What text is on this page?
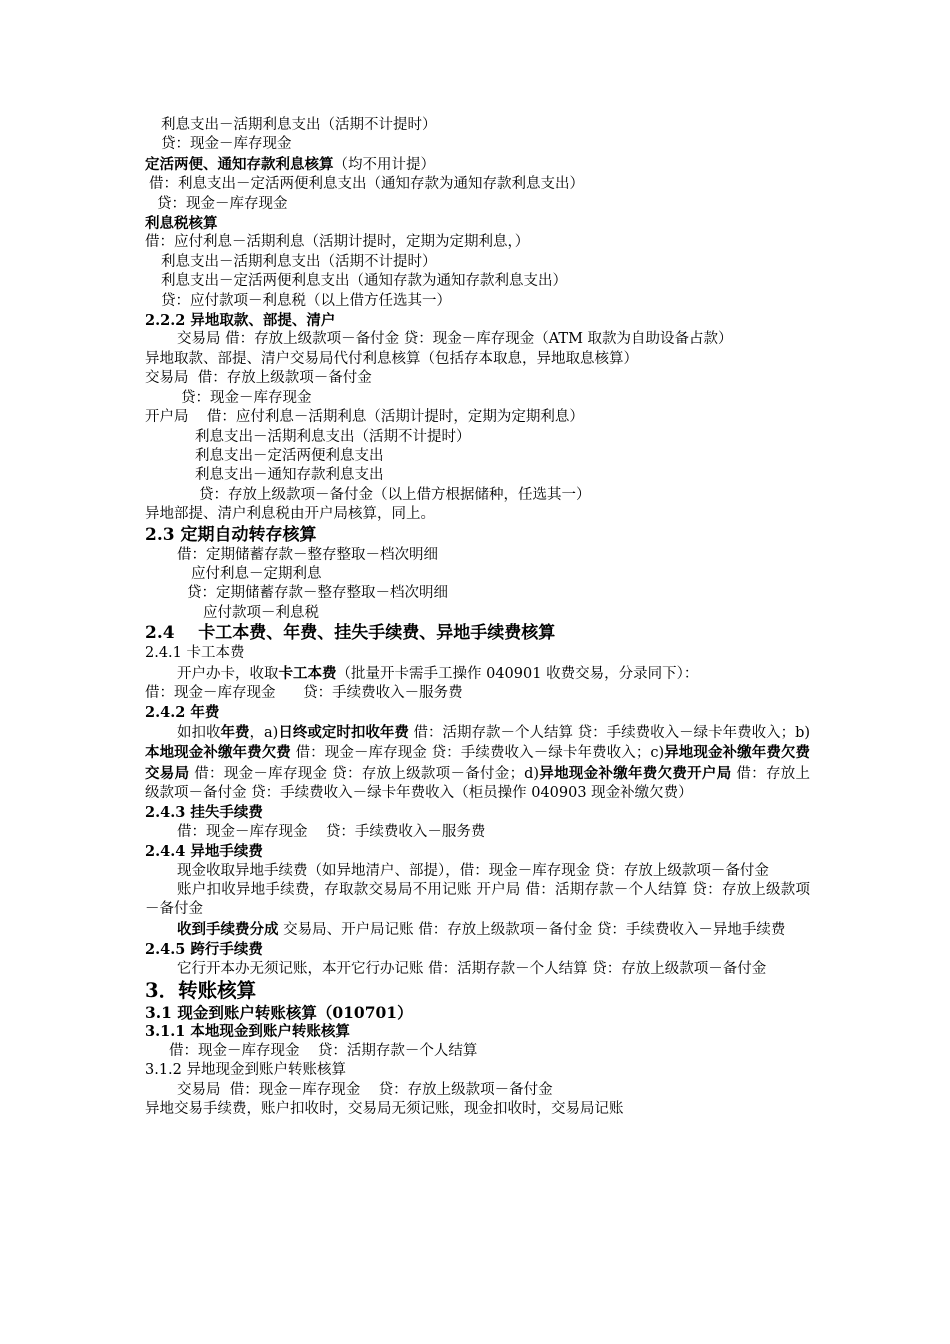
利息支出－活期利息支出（活期不计提时）
贷：现金－库存现金
定活两便、通知存款利息核算（均不用计提）
借：利息支出－定活两便利息支出（通知存款为通知存款利息支出）
贷：现金－库存现金
利息税核算
借：应付利息－活期利息（活期计提时，定期为定期利息，）
利息支出－活期利息支出（活期不计提时）
利息支出－定活两便利息支出（通知存款为通知存款利息支出）
贷：应付款项－利息税（以上借方任选其一）
2.2.2 异地取款、部提、清户
交易局 借：存放上级款项－备付金 贷：现金－库存现金（ATM 取款为自助设备占款）
异地取款、部提、清户交易局代付利息核算（包括存本取息，异地取息核算）
交易局  借：存放上级款项－备付金
贷：现金－库存现金
开户局    借：应付利息－活期利息（活期计提时，定期为定期利息）
利息支出－活期利息支出（活期不计提时）
利息支出－定活两便利息支出
利息支出－通知存款利息支出
贷：存放上级款项－备付金（以上借方根据储种，任选其一）
异地部提、清户利息税由开户局核算，同上。
2.3 定期自动转存核算
借：定期储蓄存款－整存整取－档次明细
应付利息－定期利息
贷：定期储蓄存款－整存整取－档次明细
应付款项－利息税
2.4    卡工本费、年费、挂失手续费、异地手续费核算
2.4.1 卡工本费
开户办卡，收取卡工本费（批量开卡需手工操作 040901 收费交易，分录同下）：
借：现金－库存现金      贷：手续费收入－服务费
2.4.2 年费
如扣收年费，a)日终或定时扣收年费 借：活期存款－个人结算 贷：手续费收入－绿卡年费收入；b)本地现金补缴年费欠费 借：现金－库存现金 贷：手续费收入－绿卡年费收入；c)异地现金补缴年费欠费交易局 借：现金－库存现金 贷：存放上级款项－备付金；d)异地现金补缴年费欠费开户局 借：存放上级款项－备付金 贷：手续费收入－绿卡年费收入（柜员操作 040903 现金补缴欠费）
2.4.3 挂失手续费
借：现金－库存现金    贷：手续费收入－服务费
2.4.4 异地手续费
现金收取异地手续费（如异地清户、部提），借：现金－库存现金 贷：存放上级款项－备付金
账户扣收异地手续费，存取款交易局不用记账 开户局 借：活期存款－个人结算 贷：存放上级款项－备付金
收到手续费分成 交易局、开户局记账 借：存放上级款项－备付金 贷：手续费收入－异地手续费
2.4.5 跨行手续费
它行开本办无须记账，本开它行办记账 借：活期存款－个人结算 贷：存放上级款项－备付金
3．转账核算
3.1 现金到账户转账核算（010701）
3.1.1 本地现金到账户转账核算
借：现金－库存现金    贷：活期存款－个人结算
3.1.2 异地现金到账户转账核算
交易局  借：现金－库存现金    贷：存放上级款项－备付金
异地交易手续费，账户扣收时，交易局无须记账，现金扣收时，交易局记账
